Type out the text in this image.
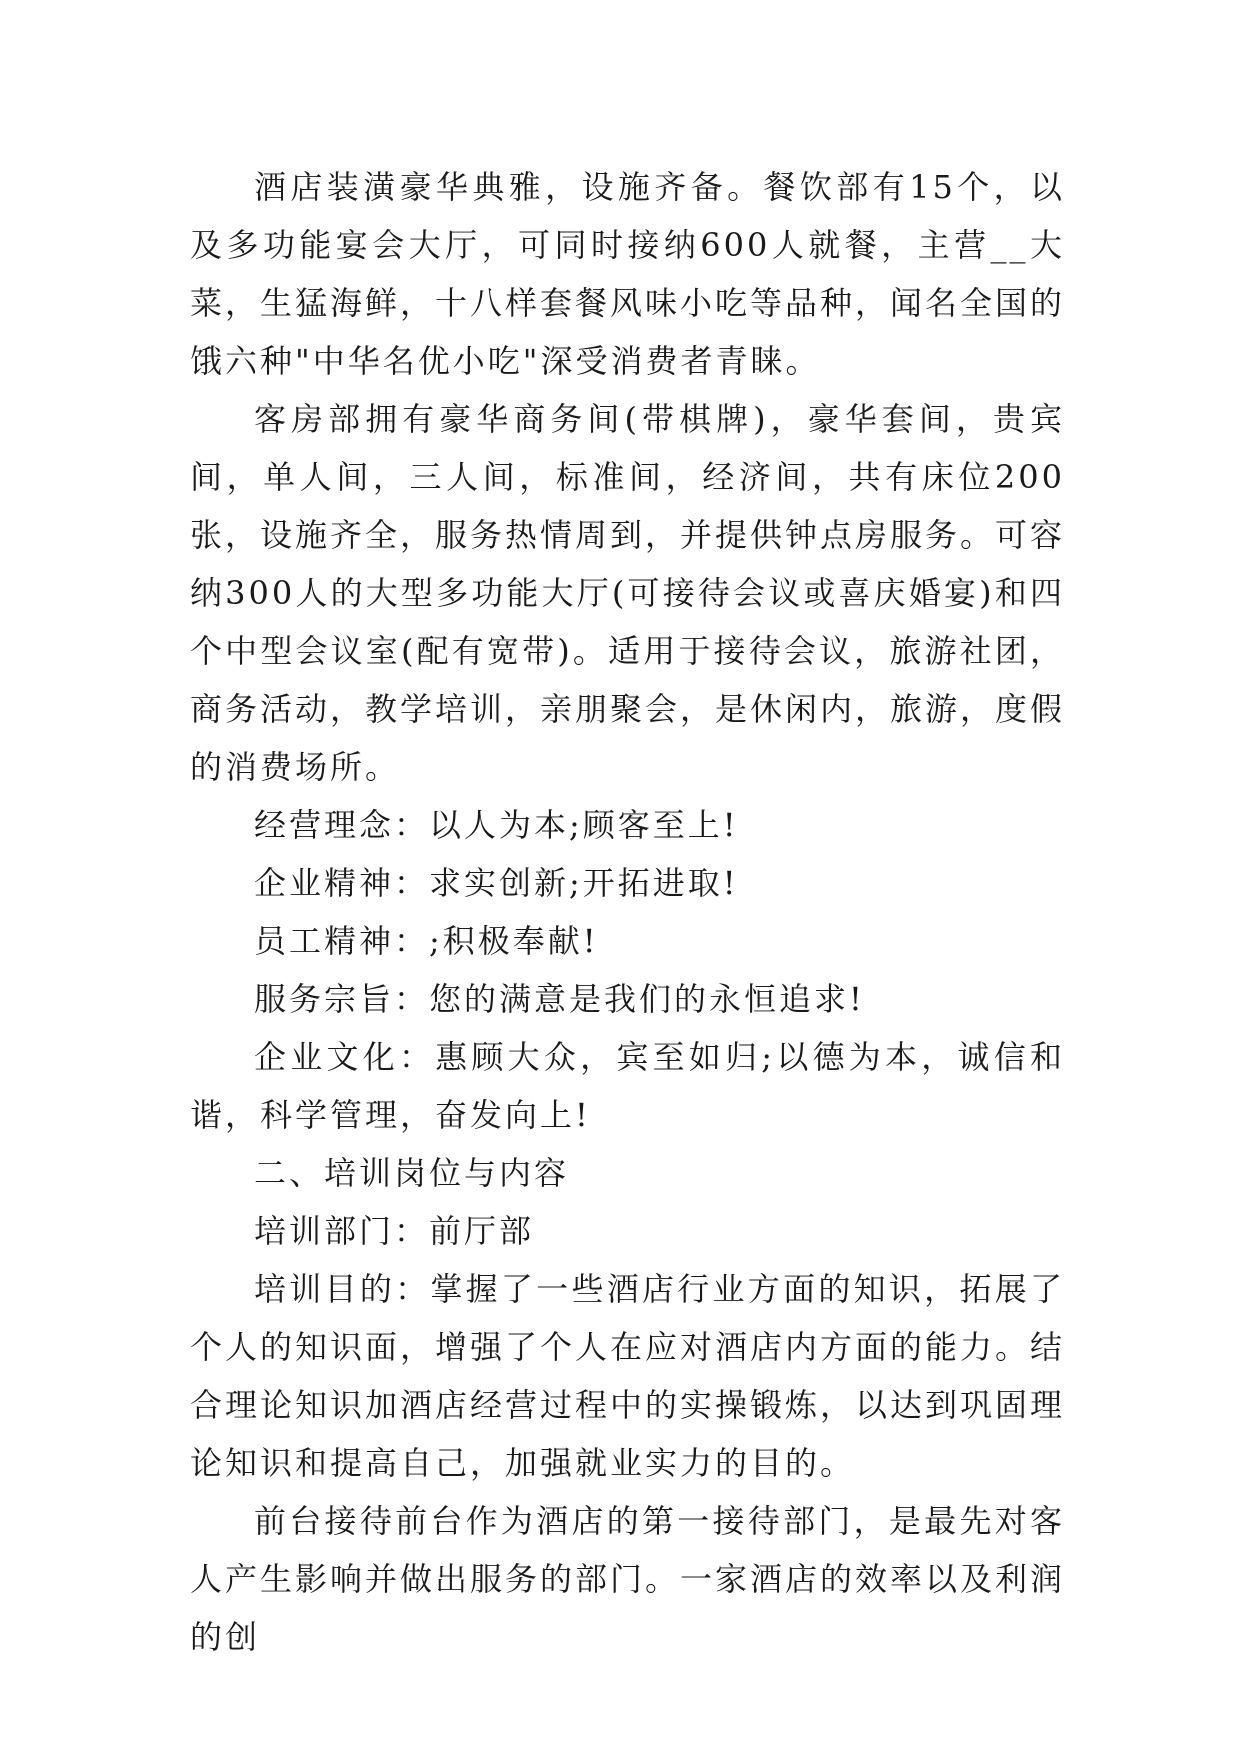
酒店装潢豪华典雅，设施齐备。餐饮部有15个，以及多功能宴会大厅，可同时接纳600人就餐，主营__大菜，生猛海鲜，十八样套餐风味小吃等品种，闻名全国的饿六种"中华名优小吃"深受消费者青睐。

客房部拥有豪华商务间(带棋牌)，豪华套间，贵宾间，单人间，三人间，标准间，经济间，共有床位200张，设施齐全，服务热情周到，并提供钟点房服务。可容纳300人的大型多功能大厅(可接待会议或喜庆婚宴)和四个中型会议室(配有宽带)。适用于接待会议，旅游社团，商务活动，教学培训，亲朋聚会，是休闲内，旅游，度假的消费场所。

经营理念：以人为本;顾客至上!

企业精神：求实创新;开拓进取!

员工精神：;积极奉献!

服务宗旨：您的满意是我们的永恒追求!

企业文化：惠顾大众，宾至如归;以德为本，诚信和谐，科学管理，奋发向上!

二、培训岗位与内容

培训部门：前厅部

培训目的：掌握了一些酒店行业方面的知识，拓展了个人的知识面，增强了个人在应对酒店内方面的能力。结合理论知识加酒店经营过程中的实操锻炼，以达到巩固理论知识和提高自己，加强就业实力的目的。

前台接待前台作为酒店的第一接待部门，是最先对客人产生影响并做出服务的部门。一家酒店的效率以及利润的创
